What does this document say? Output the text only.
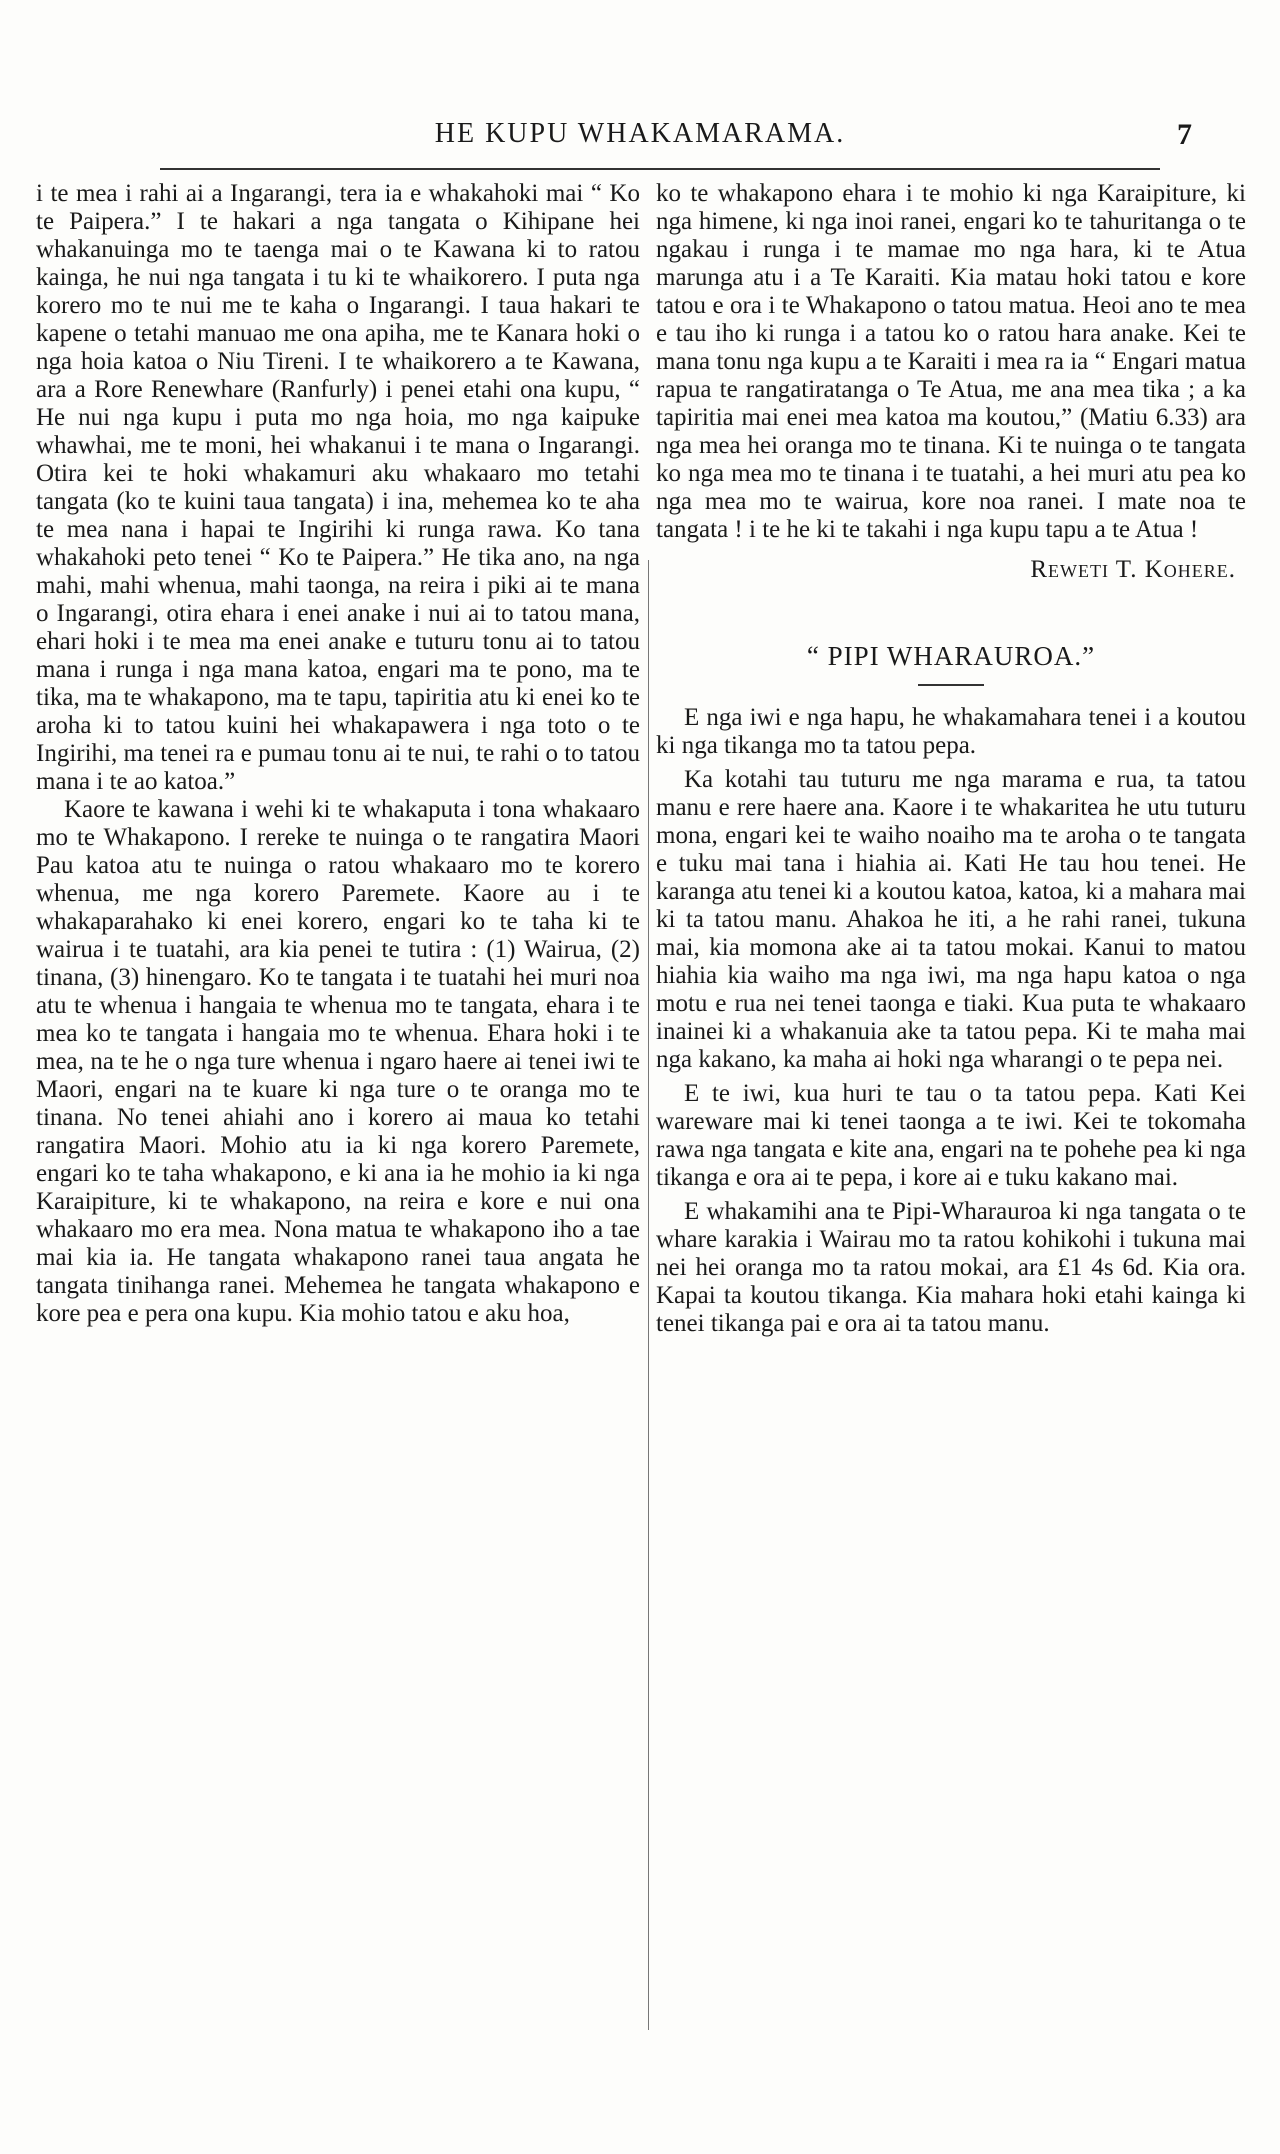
HE KUPU WHAKAMARAMA.	7

i te mea i rahi ai a Ingarangi, tera ia e whakahoki mai “ Ko te Paipera.” I te hakari a nga tangata o Kihipane hei whakanuinga mo te taenga mai o te Kawana ki to ratou kainga, he nui nga tangata i tu ki te whaikorero. I puta nga korero mo te nui me te kaha o Ingarangi. I taua hakari te kapene o tetahi manuao me ona apiha, me te Kanara hoki o nga hoia katoa o Niu Tireni. I te whaikorero a te Kawana, ara a Rore Renewhare (Ranfurly) i penei etahi ona kupu, “ He nui nga kupu i puta mo nga hoia, mo nga kaipuke whawhai, me te moni, hei whakanui i te mana o Ingarangi. Otira kei te hoki whakamuri aku whakaaro mo tetahi tangata (ko te kuini taua tangata) i ina, mehemea ko te aha te mea nana i hapai te Ingirihi ki runga rawa. Ko tana whakahoki peto tenei “ Ko te Paipera.” He tika ano, na nga mahi, mahi whenua, mahi taonga, na reira i piki ai te mana o Ingarangi, otira ehara i enei anake i nui ai to tatou mana, ehari hoki i te mea ma enei anake e tuturu tonu ai to tatou mana i runga i nga mana katoa, engari ma te pono, ma te tika, ma te whakapono, ma te tapu, tapiritia atu ki enei ko te aroha ki to tatou kuini hei whakapawera i nga toto o te Ingirihi, ma tenei ra e pumau tonu ai te nui, te rahi o to tatou mana i te ao katoa.”

Kaore te kawana i wehi ki te whakaputa i tona whakaaro mo te Whakapono. I rereke te nuinga o te rangatira Maori Pau katoa atu te nuinga o ratou whakaaro mo te korero whenua, me nga korero Paremete. Kaore au i te whakaparahako ki enei korero, engari ko te taha ki te wairua i te tuatahi, ara kia penei te tutira : (1) Wairua, (2) tinana, (3) hinengaro. Ko te tangata i te tuatahi hei muri noa atu te whenua i hangaia te whenua mo te tangata, ehara i te mea ko te tangata i hangaia mo te whenua. Ehara hoki i te mea, na te he o nga ture whenua i ngaro haere ai tenei iwi te Maori, engari na te kuare ki nga ture o te oranga mo te tinana. No tenei ahiahi ano i korero ai maua ko tetahi rangatira Maori. Mohio atu ia ki nga korero Paremete, engari ko te taha whakapono, e ki ana ia he mohio ia ki nga Karaipiture, ki te whakapono, na reira e kore e nui ona whakaaro mo era mea. Nona matua te whakapono iho a tae mai kia ia. He tangata whakapono ranei taua angata he tangata tinihanga ranei. Mehemea he tangata whakapono e kore pea e pera ona kupu. Kia mohio tatou e aku hoa,

ko te whakapono ehara i te mohio ki nga Karaipiture, ki nga himene, ki nga inoi ranei, engari ko te tahuritanga o te ngakau i runga i te mamae mo nga hara, ki te Atua marunga atu i a Te Karaiti. Kia matau hoki tatou e kore tatou e ora i te Whakapono o tatou matua. Heoi ano te mea e tau iho ki runga i a tatou ko o ratou hara anake. Kei te mana tonu nga kupu a te Karaiti i mea ra ia “ Engari matua rapua te rangatiratanga o Te Atua, me ana mea tika ; a ka tapiritia mai enei mea katoa ma koutou,” (Matiu 6.33) ara nga mea hei oranga mo te tinana. Ki te nuinga o te tangata ko nga mea mo te tinana i te tuatahi, a hei muri atu pea ko nga mea mo te wairua, kore noa ranei. I mate noa te tangata ! i te he ki te takahi i nga kupu tapu a te Atua !

Reweti T. Kohere.

“ PIPI WHARAUROA.”

E nga iwi e nga hapu, he whakamahara tenei i a koutou ki nga tikanga mo ta tatou pepa.

Ka kotahi tau tuturu me nga marama e rua, ta tatou manu e rere haere ana. Kaore i te whakaritea he utu tuturu mona, engari kei te waiho noaiho ma te aroha o te tangata e tuku mai tana i hiahia ai. Kati He tau hou tenei. He karanga atu tenei ki a koutou katoa, katoa, ki a mahara mai ki ta tatou manu. Ahakoa he iti, a he rahi ranei, tukuna mai, kia momona ake ai ta tatou mokai. Kanui to matou hiahia kia waiho ma nga iwi, ma nga hapu katoa o nga motu e rua nei tenei taonga e tiaki. Kua puta te whakaaro inainei ki a whakanuia ake ta tatou pepa. Ki te maha mai nga kakano, ka maha ai hoki nga wharangi o te pepa nei.

E te iwi, kua huri te tau o ta tatou pepa. Kati Kei wareware mai ki tenei taonga a te iwi. Kei te tokomaha rawa nga tangata e kite ana, engari na te pohehe pea ki nga tikanga e ora ai te pepa, i kore ai e tuku kakano mai.

E whakamihi ana te Pipi-Wharauroa ki nga tangata o te whare karakia i Wairau mo ta ratou kohikohi i tukuna mai nei hei oranga mo ta ratou mokai, ara £1 4s 6d. Kia ora. Kapai ta koutou tikanga. Kia mahara hoki etahi kainga ki tenei tikanga pai e ora ai ta tatou manu.
